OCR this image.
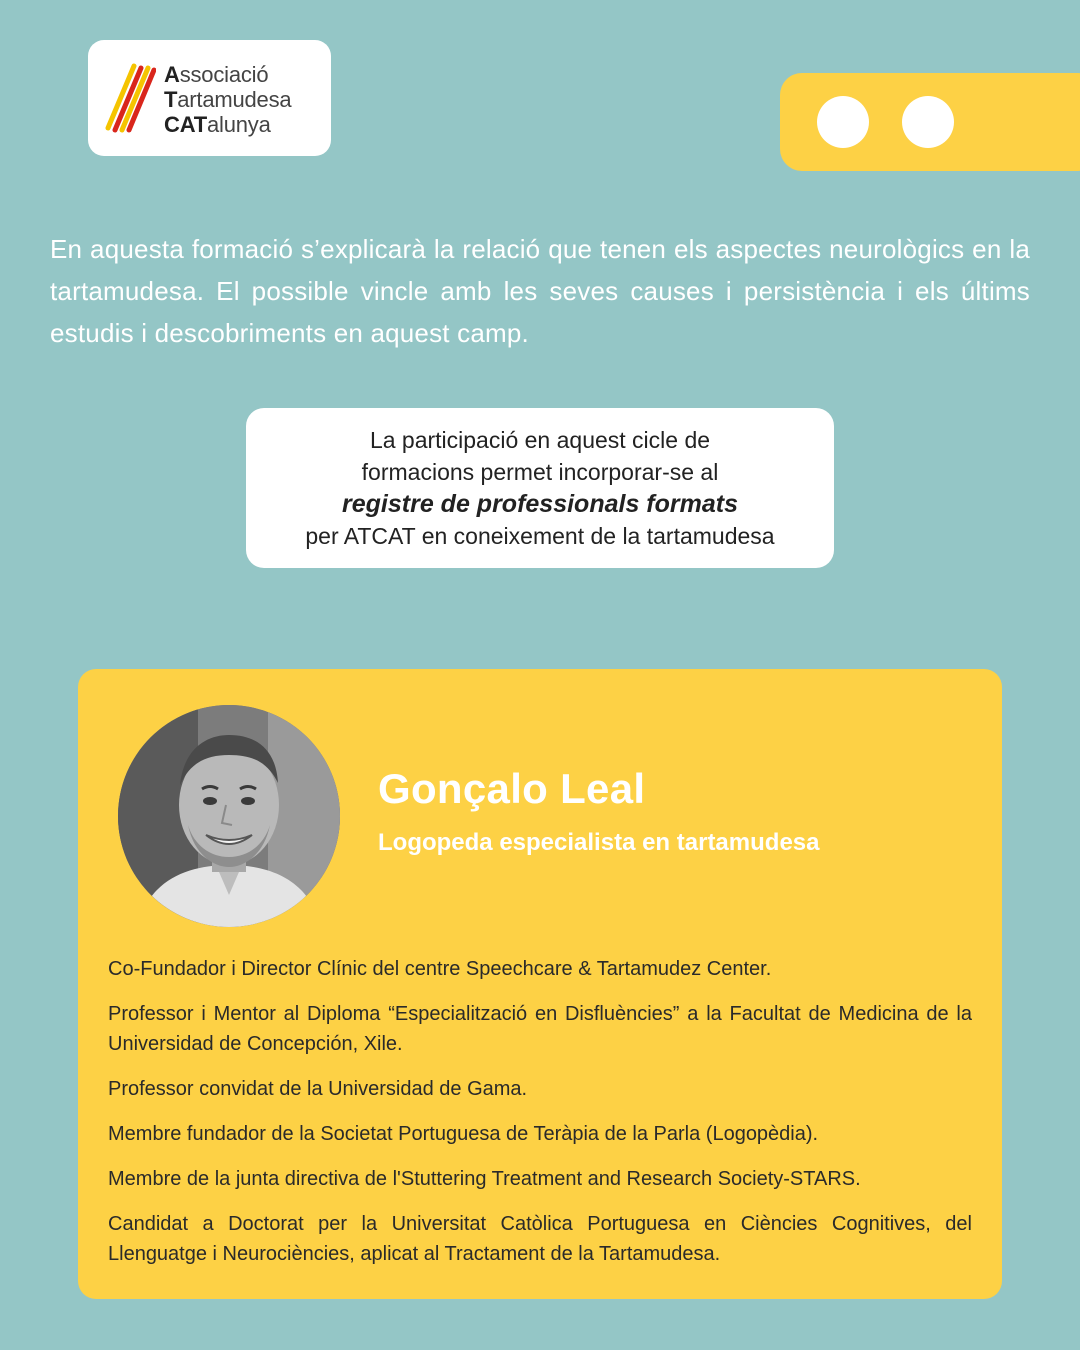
Associació
Tartamudesa
CATalunya

En aquesta formació s’explicarà la relació que tenen els aspectes neurològics en la tartamudesa. El possible vincle amb les seves causes i persistència i els últims estudis i descobriments en aquest camp.

La participació en aquest cicle de
formacions permet incorporar-se al
registre de professionals formats
per ATCAT en coneixement de la tartamudesa
Gonçalo Leal
Logopeda especialista en tartamudesa
Co-Fundador i Director Clínic del centre Speechcare & Tartamudez Center.
Professor i Mentor al Diploma “Especialització en Disfluències” a la Facultat de Medicina de la Universidad de Concepción, Xile.
Professor convidat de la Universidad de Gama.
Membre fundador de la Societat Portuguesa de Teràpia de la Parla (Logopèdia).
Membre de la junta directiva de l'Stuttering Treatment and Research Society-STARS.
Candidat a Doctorat per la Universitat Catòlica Portuguesa en Ciències Cognitives, del Llenguatge i Neurociències, aplicat al Tractament de la Tartamudesa.
